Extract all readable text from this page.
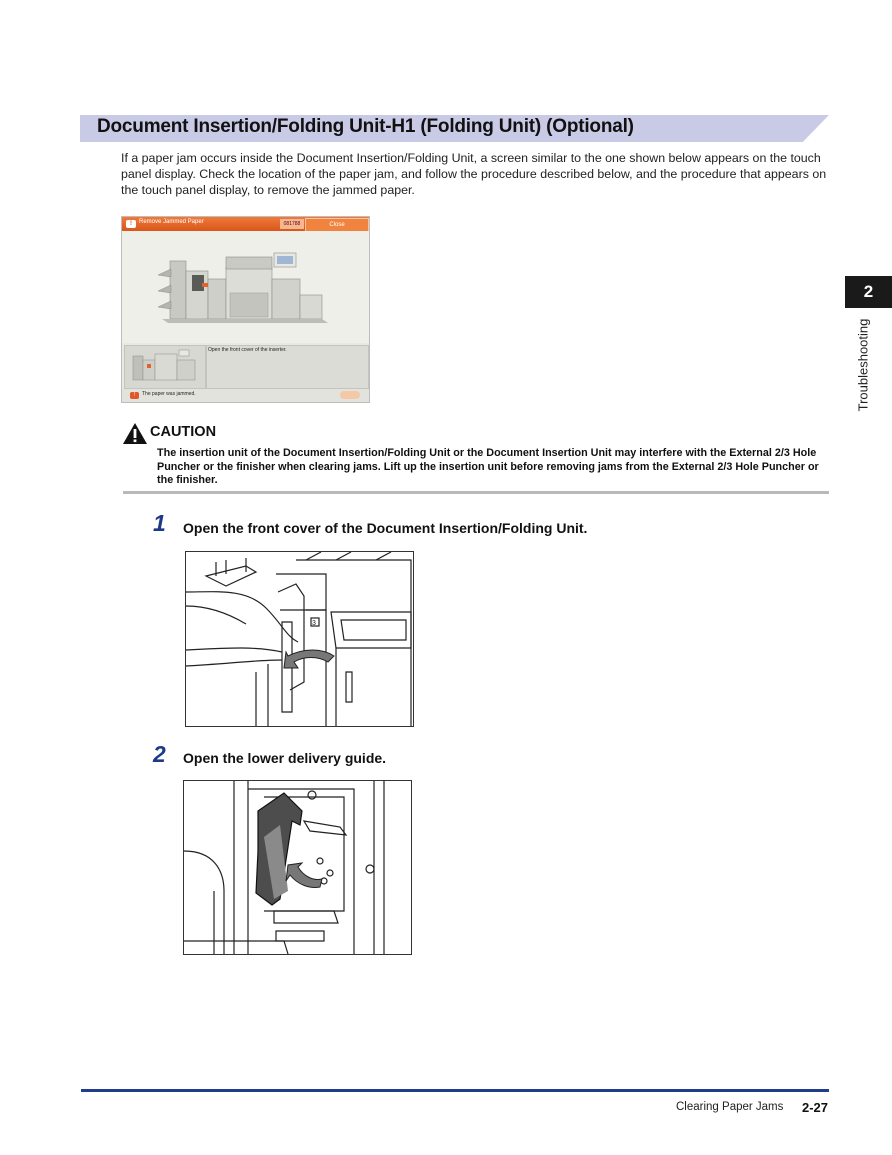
Document Insertion/Folding Unit-H1 (Folding Unit) (Optional)
If a paper jam occurs inside the Document Insertion/Folding Unit, a screen similar to the one shown below appears on the touch panel display. Check the location of the paper jam, and follow the procedure described below, and the procedure that appears on the touch panel display, to remove the jammed paper.
!	Remove Jammed Paper	081788	Close
Open the front cover of the inserter.
!	The paper was jammed.
CAUTION
The insertion unit of the Document Insertion/Folding Unit or the Document Insertion Unit may interfere with the External 2/3 Hole Puncher or the finisher when clearing jams. Lift up the insertion unit before removing jams from the External 2/3 Hole Puncher or the finisher.
1 Open the front cover of the Document Insertion/Folding Unit.
3
2 Open the lower delivery guide.
2
Troubleshooting
Clearing Paper Jams 2-27
